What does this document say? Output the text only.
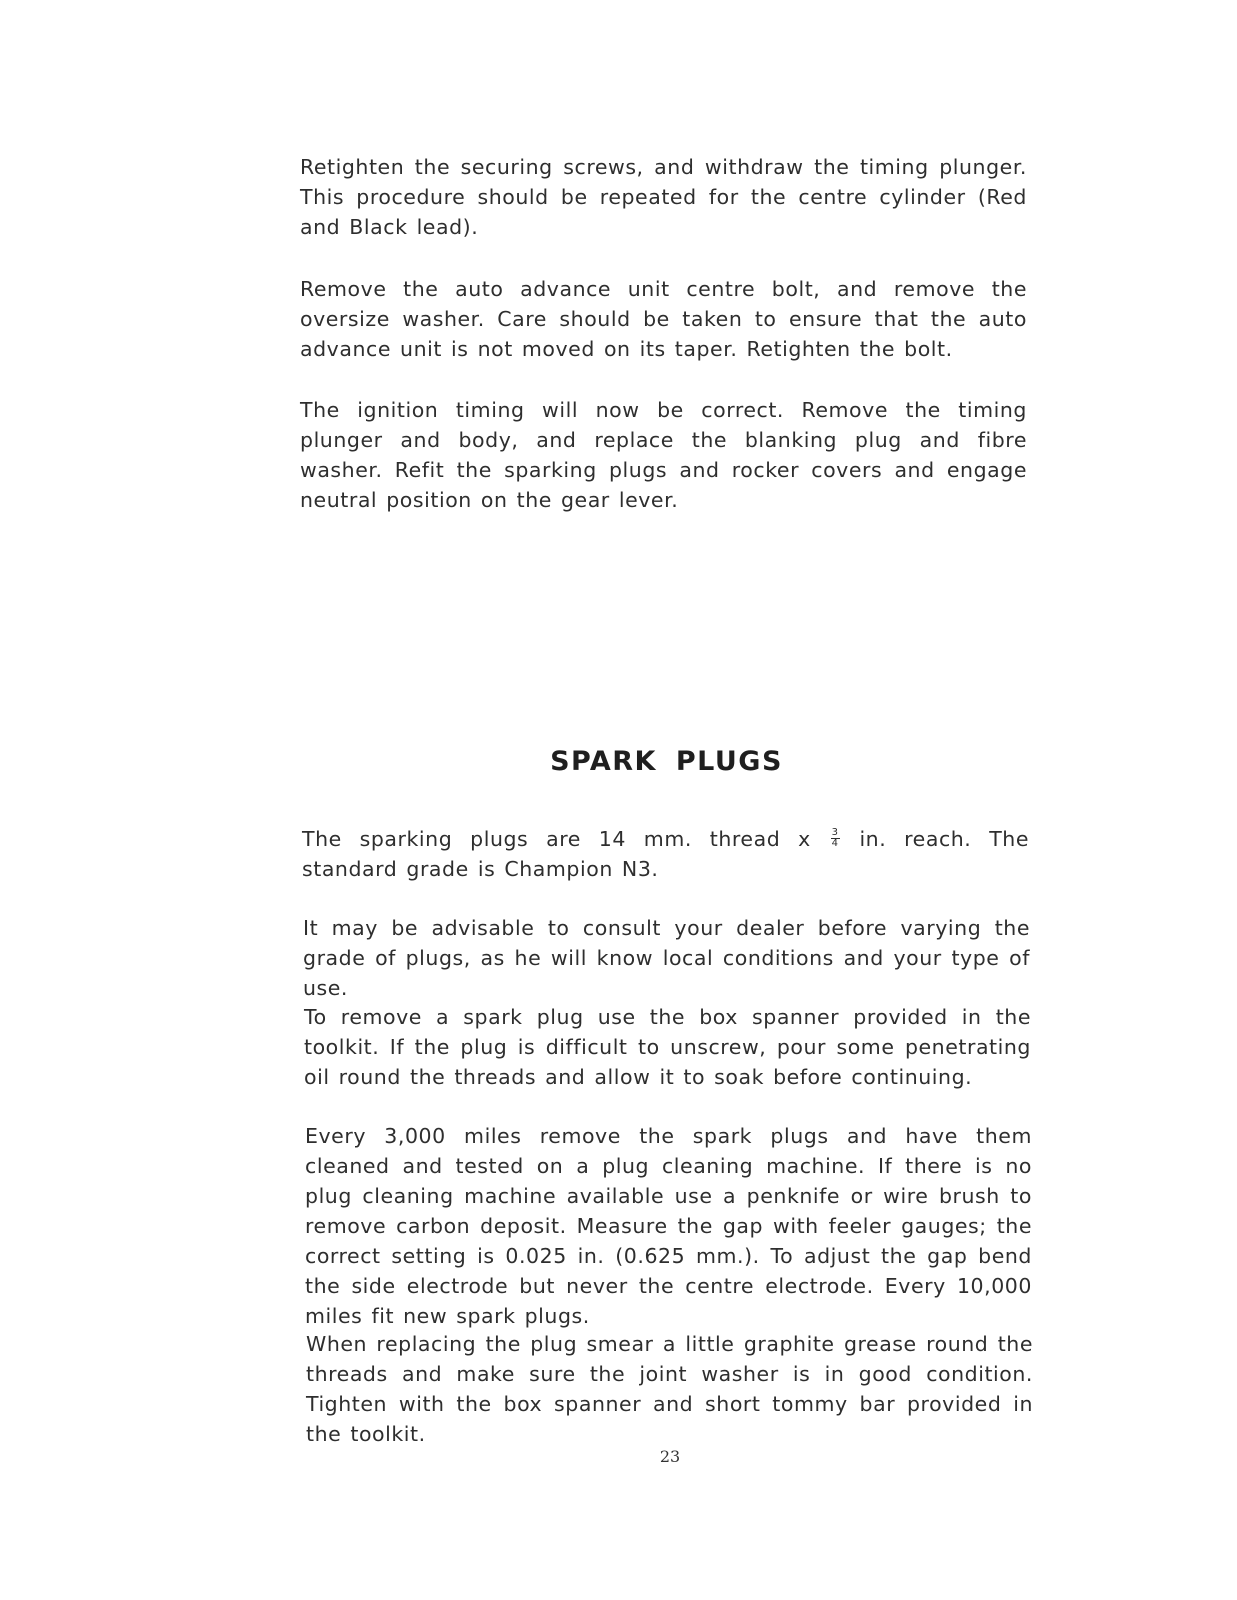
Retighten the securing screws, and withdraw the timing plunger. This procedure should be repeated for the centre cylinder (Red and Black lead).

Remove the auto advance unit centre bolt, and remove the oversize washer. Care should be taken to ensure that the auto advance unit is not moved on its taper. Retighten the bolt.

The ignition timing will now be correct. Remove the timing plunger and body, and replace the blanking plug and fibre washer. Refit the sparking plugs and rocker covers and engage neutral position on the gear lever.

SPARK PLUGS

The sparking plugs are 14 mm. thread x $\frac{3}{4}$ in. reach. The standard grade is Champion N3.

It may be advisable to consult your dealer before varying the grade of plugs, as he will know local conditions and your type of use.

To remove a spark plug use the box spanner provided in the toolkit. If the plug is difficult to unscrew, pour some penetrating oil round the threads and allow it to soak before continuing.

Every 3,000 miles remove the spark plugs and have them cleaned and tested on a plug cleaning machine. If there is no plug cleaning machine available use a penknife or wire brush to remove carbon deposit. Measure the gap with feeler gauges; the correct setting is 0.025 in. (0.625 mm.). To adjust the gap bend the side electrode but never the centre electrode. Every 10,000 miles fit new spark plugs.

When replacing the plug smear a little graphite grease round the threads and make sure the joint washer is in good condition. Tighten with the box spanner and short tommy bar provided in the toolkit.

23
